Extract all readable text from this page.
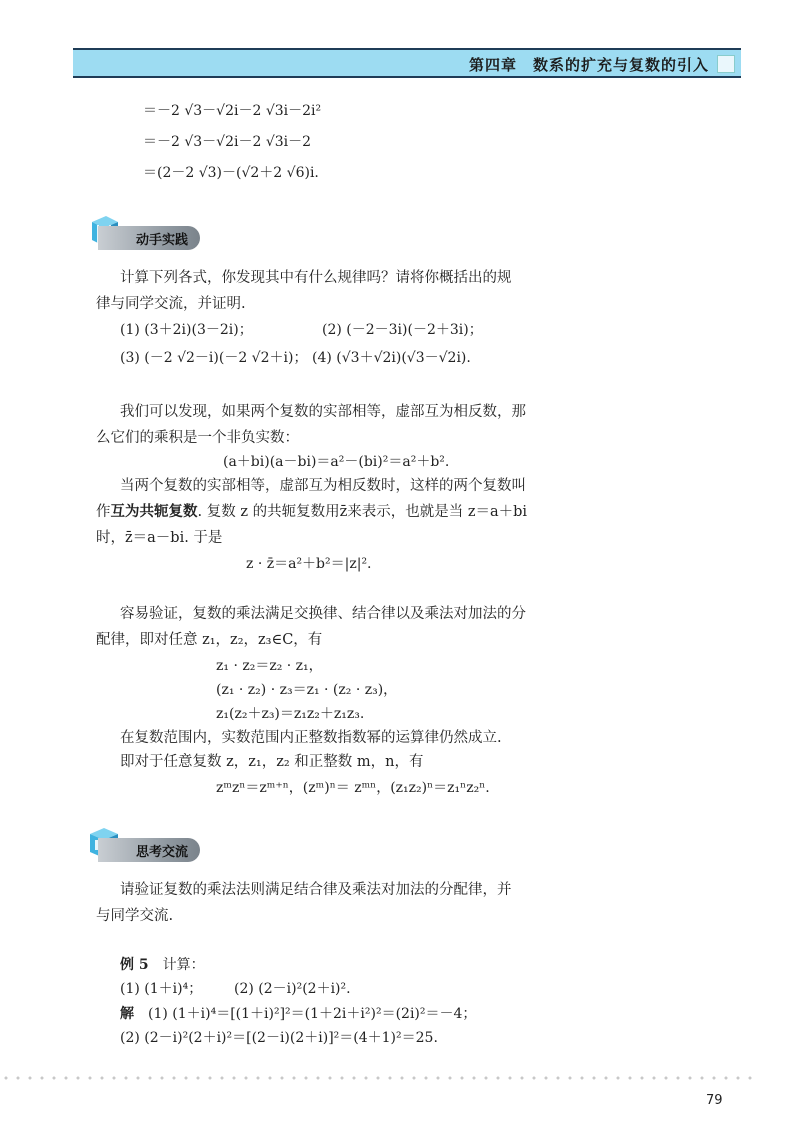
第四章　数系的扩充与复数的引入
＝－2 √3－√2i－2 √3i－2i²
＝－2 √3－√2i－2 √3i－2
＝(2－2 √3)－(√2＋2 √6)i.
动手实践
计算下列各式，你发现其中有什么规律吗？请将你概括出的规
律与同学交流，并证明.
(1) (3＋2i)(3－2i)；	(2) (－2－3i)(－2＋3i)；
(3) (－2 √2－i)(－2 √2＋i)； (4) (√3＋√2i)(√3－√2i).
我们可以发现，如果两个复数的实部相等，虚部互为相反数，那
么它们的乘积是一个非负实数：
(a＋bi)(a－bi)＝a²－(bi)²＝a²＋b².
当两个复数的实部相等，虚部互为相反数时，这样的两个复数叫
作互为共轭复数. 复数 z 的共轭复数用z̄来表示，也就是当 z＝a＋bi
时，z̄＝a－bi. 于是
z · z̄＝a²＋b²＝|z|².
容易验证，复数的乘法满足交换律、结合律以及乘法对加法的分
配律，即对任意 z₁，z₂，z₃∈C，有
z₁ · z₂＝z₂ · z₁，
(z₁ · z₂) · z₃＝z₁ · (z₂ · z₃)，
z₁(z₂＋z₃)＝z₁z₂＋z₁z₃.
在复数范围内，实数范围内正整数指数幂的运算律仍然成立.
即对于任意复数 z，z₁，z₂ 和正整数 m，n，有
zᵐzⁿ＝zᵐ⁺ⁿ，(zᵐ)ⁿ＝ zᵐⁿ，(z₁z₂)ⁿ＝z₁ⁿz₂ⁿ.
思考交流
请验证复数的乘法法则满足结合律及乘法对加法的分配律，并
与同学交流.
例 5　 计算：
(1) (1＋i)⁴； (2) (2－i)²(2＋i)².
解　 (1) (1＋i)⁴＝[(1＋i)²]²＝(1＋2i＋i²)²＝(2i)²＝－4；
(2) (2－i)²(2＋i)²＝[(2－i)(2＋i)]²＝(4＋1)²＝25.
79
